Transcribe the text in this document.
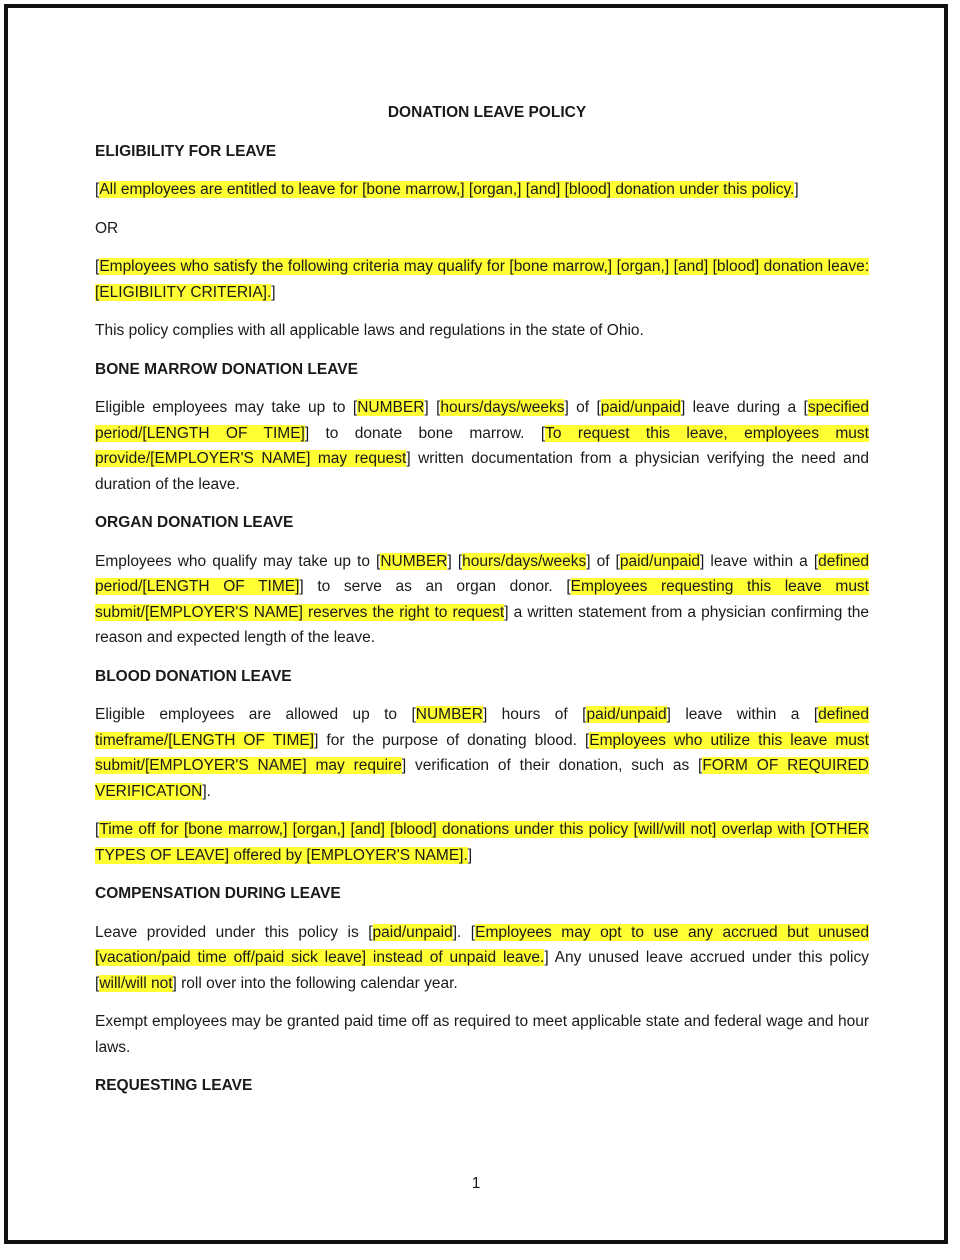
DONATION LEAVE POLICY
ELIGIBILITY FOR LEAVE
[All employees are entitled to leave for [bone marrow,] [organ,] [and] [blood] donation under this policy.]
OR
[Employees who satisfy the following criteria may qualify for [bone marrow,] [organ,] [and] [blood] donation leave: [ELIGIBILITY CRITERIA].]
This policy complies with all applicable laws and regulations in the state of Ohio.
BONE MARROW DONATION LEAVE
Eligible employees may take up to [NUMBER] [hours/days/weeks] of [paid/unpaid] leave during a [specified period/[LENGTH OF TIME]] to donate bone marrow. [To request this leave, employees must provide/[EMPLOYER'S NAME] may request] written documentation from a physician verifying the need and duration of the leave.
ORGAN DONATION LEAVE
Employees who qualify may take up to [NUMBER] [hours/days/weeks] of [paid/unpaid] leave within a [defined period/[LENGTH OF TIME]] to serve as an organ donor. [Employees requesting this leave must submit/[EMPLOYER'S NAME] reserves the right to request] a written statement from a physician confirming the reason and expected length of the leave.
BLOOD DONATION LEAVE
Eligible employees are allowed up to [NUMBER] hours of [paid/unpaid] leave within a [defined timeframe/[LENGTH OF TIME]] for the purpose of donating blood. [Employees who utilize this leave must submit/[EMPLOYER'S NAME] may require] verification of their donation, such as [FORM OF REQUIRED VERIFICATION].
[Time off for [bone marrow,] [organ,] [and] [blood] donations under this policy [will/will not] overlap with [OTHER TYPES OF LEAVE] offered by [EMPLOYER'S NAME].]
COMPENSATION DURING LEAVE
Leave provided under this policy is [paid/unpaid]. [Employees may opt to use any accrued but unused [vacation/paid time off/paid sick leave] instead of unpaid leave.] Any unused leave accrued under this policy [will/will not] roll over into the following calendar year.
Exempt employees may be granted paid time off as required to meet applicable state and federal wage and hour laws.
REQUESTING LEAVE
1
